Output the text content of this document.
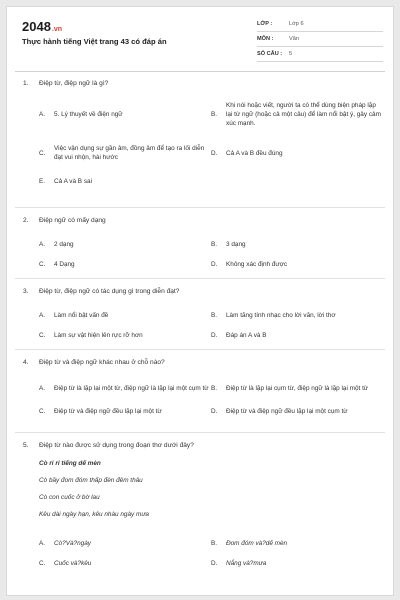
2048.vn
Thực hành tiếng Việt trang 43 có đáp án
LỚP :	Lớp 6
MÔN :	Văn
SỐ CÂU :	5
1.	Điệp từ, điệp ngữ là gì?
A.	5. Lý thuyết về điện ngữ	B.
Khi nói hoặc viết, người ta có thể dùng biện pháp lặp lại từ ngữ (hoặc cả một câu) để làm nổi bật ý, gây cảm xúc mạnh.
C.
Việc vận dụng sự gần âm, đồng âm để tạo ra lối diễn đạt vui nhộn, hài hước
D.	Cả A và B đều đúng
E.	Cả A và B sai
2.	Điệp ngữ có mấy dạng
A.	2 dạng	B.	3 dạng
C.	4 Dạng	D.	Không xác định được
3.	Điệp từ, điệp ngữ có tác dụng gì trong diễn đạt?
A.	Làm nổi bật vấn đề	B.	Làm tăng tính nhạc cho lời văn, lời thơ
C.	Làm sự vật hiện lên rực rỡ hơn	D.	Đáp án A và B
4.	Điệp từ và điệp ngữ khác nhau ở chỗ nào?
A.	Điệp từ là lặp lại một từ, điệp ngữ là lặp lại một cụm từ B.	Điệp từ là lặp lại cụm từ, điệp ngữ là lặp lại một từ
C.	Điệp từ và điệp ngữ đều lặp lại một từ	D.	Điệp từ và điệp ngữ đều lặp lại một cụm từ
5.	Điệp từ nào được sử dụng trong đoạn thơ dưới đây?
Cò ri ri tiếng dế mèn
Cò bầy đom đóm thấp đèn đêm thâu
Cò con cuốc ở bờ lau
Kêu dài ngày hạn, kêu nhàu ngày mưa
A.	Cò?Và?ngày	B.	Đom đóm và?dế mèn
C.	Cuốc và?kêu	D.	Nắng và?mưa
